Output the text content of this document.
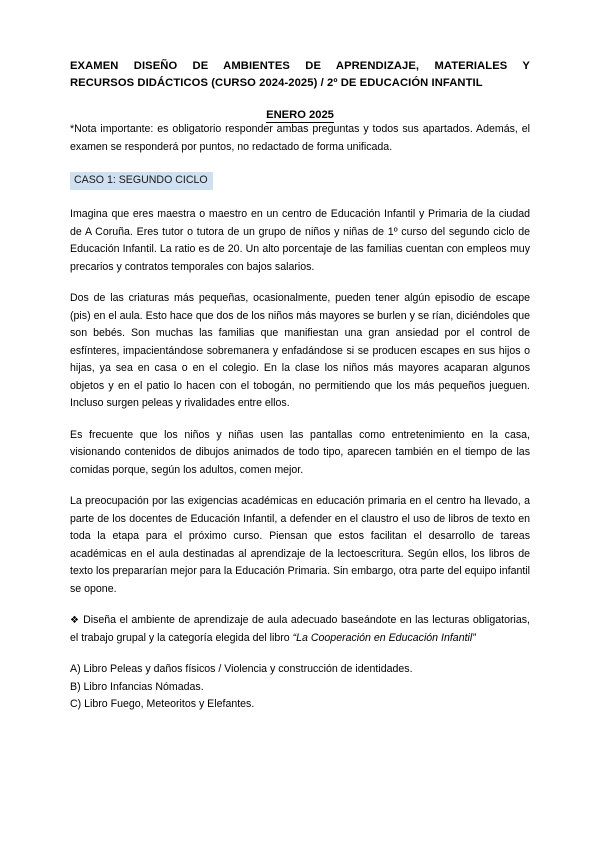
EXAMEN DISEÑO DE AMBIENTES DE APRENDIZAJE, MATERIALES Y
RECURSOS DIDÁCTICOS (CURSO 2024-2025) / 2º DE EDUCACIÓN INFANTIL
ENERO 2025

*Nota importante: es obligatorio responder ambas preguntas y todos sus apartados. Además, el examen se responderá por puntos, no redactado de forma unificada.

CASO 1: SEGUNDO CICLO

Imagina que eres maestra o maestro en un centro de Educación Infantil y Primaria de la ciudad de A Coruña. Eres tutor o tutora de un grupo de niños y niñas de 1º curso del segundo ciclo de Educación Infantil. La ratio es de 20. Un alto porcentaje de las familias cuentan con empleos muy precarios y contratos temporales con bajos salarios.

Dos de las criaturas más pequeñas, ocasionalmente, pueden tener algún episodio de escape (pis) en el aula. Esto hace que dos de los niños más mayores se burlen y se rían, diciéndoles que son bebés. Son muchas las familias que manifiestan una gran ansiedad por el control de esfínteres, impacientándose sobremanera y enfadándose si se producen escapes en sus hijos o hijas, ya sea en casa o en el colegio. En la clase los niños más mayores acaparan algunos objetos y en el patio lo hacen con el tobogán, no permitiendo que los más pequeños jueguen. Incluso surgen peleas y rivalidades entre ellos.

Es frecuente que los niños y niñas usen las pantallas como entretenimiento en la casa, visionando contenidos de dibujos animados de todo tipo, aparecen también en el tiempo de las comidas porque, según los adultos, comen mejor.

La preocupación por las exigencias académicas en educación primaria en el centro ha llevado, a parte de los docentes de Educación Infantil, a defender en el claustro el uso de libros de texto en toda la etapa para el próximo curso. Piensan que estos facilitan el desarrollo de tareas académicas en el aula destinadas al aprendizaje de la lectoescritura. Según ellos, los libros de texto los prepararían mejor para la Educación Primaria. Sin embargo, otra parte del equipo infantil se opone.

❖ Diseña el ambiente de aprendizaje de aula adecuado baseándote en las lecturas obligatorias, el trabajo grupal y la categoría elegida del libro “La Cooperación en Educación Infantil”

A) Libro Peleas y daños físicos / Violencia y construcción de identidades.
B) Libro Infancias Nómadas.
C) Libro Fuego, Meteoritos y Elefantes.
